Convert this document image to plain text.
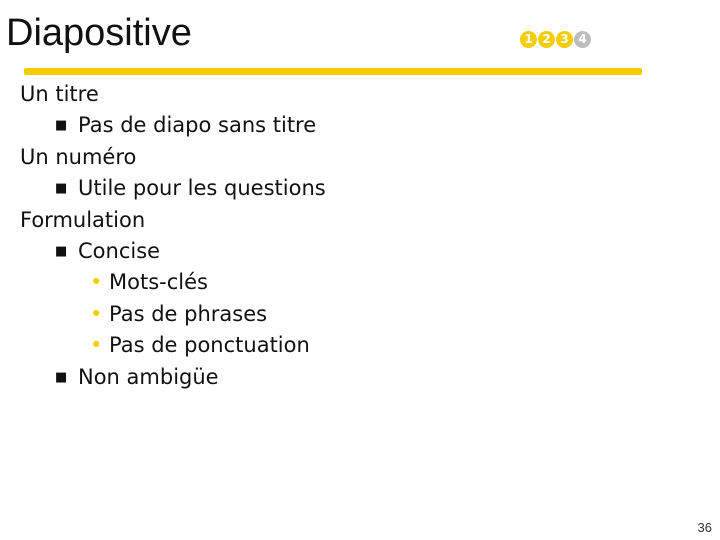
Diapositive	1 2 3 4
Un titre
■ Pas de diapo sans titre
Un numéro
■ Utile pour les questions
Formulation
■ Concise
• Mots-clés
• Pas de phrases
• Pas de ponctuation
■ Non ambigüe
36
